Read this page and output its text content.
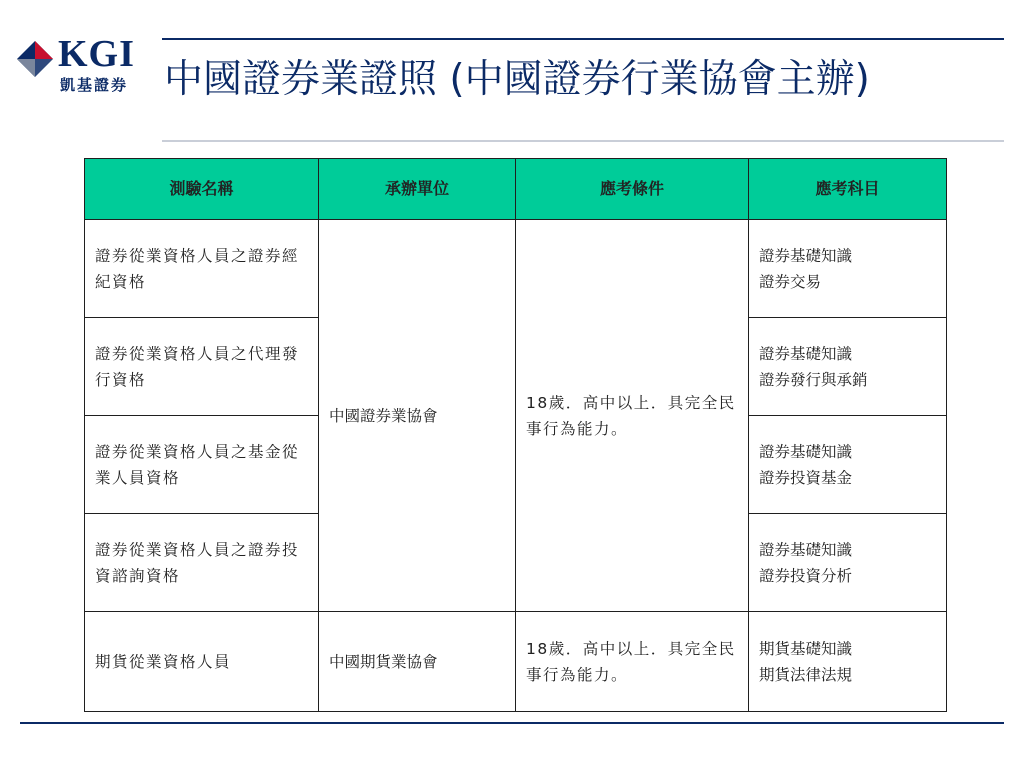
KGI
凱基證券 中國證券業證照 (中國證券行業協會主辦)
測驗名稱	承辦單位	應考條件	應考科目
證券從業資格人員之證券經紀資格	中國證券業協會	18歲．高中以上．具完全民事行為能力。	證券基礎知識
證券交易

證券從業資格人員之代理發行資格			證券基礎知識
證券發行與承銷

證券從業資格人員之基金從業人員資格			證券基礎知識
證券投資基金

證券從業資格人員之證券投資諮詢資格			證券基礎知識
證券投資分析

期貨從業資格人員	中國期貨業協會	18歲．高中以上．具完全民事行為能力。	期貨基礎知識
期貨法律法規
